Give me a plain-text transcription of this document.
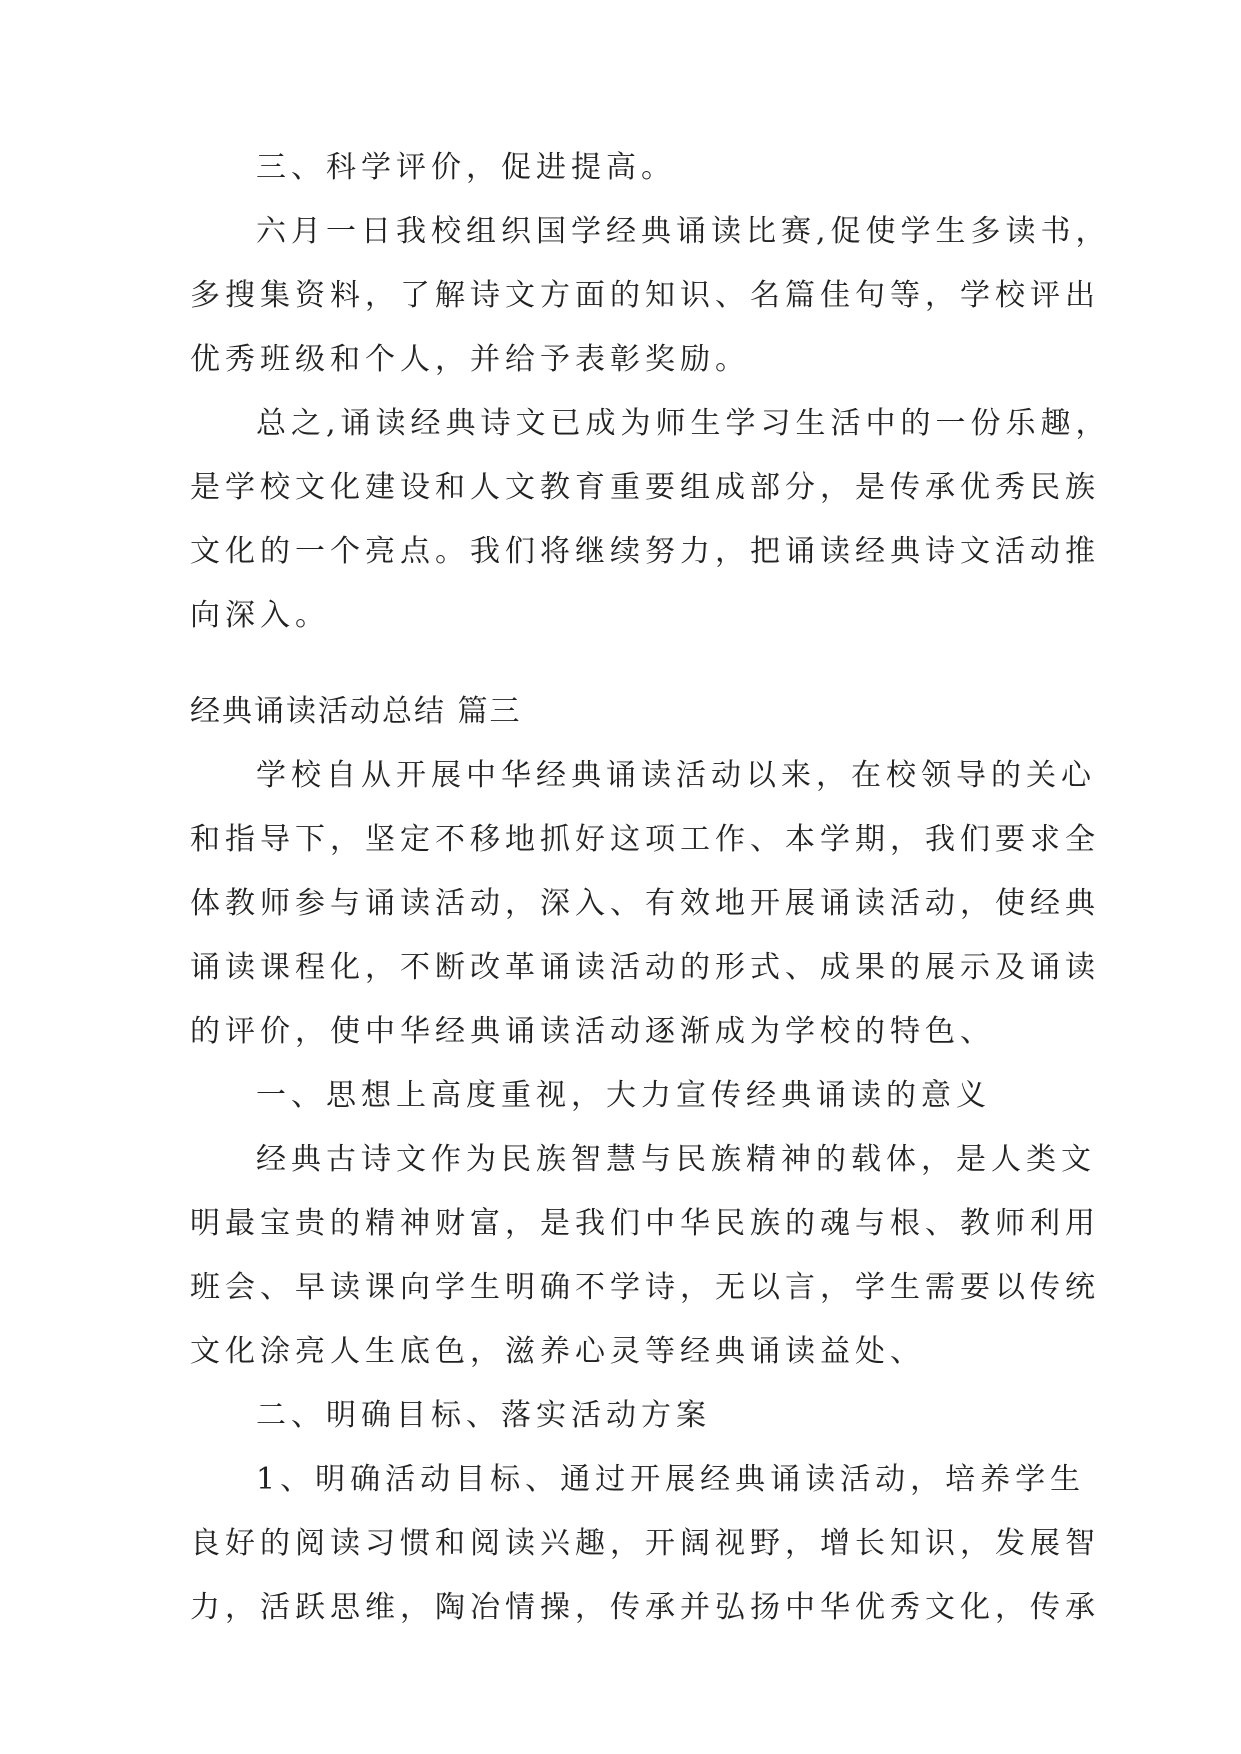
三、科学评价，促进提高。
六月一日我校组织国学经典诵读比赛,促使学生多读书，
多搜集资料，了解诗文方面的知识、名篇佳句等，学校评出
优秀班级和个人，并给予表彰奖励。
总之,诵读经典诗文已成为师生学习生活中的一份乐趣，
是学校文化建设和人文教育重要组成部分，是传承优秀民族
文化的一个亮点。我们将继续努力，把诵读经典诗文活动推
向深入。
经典诵读活动总结 篇三
学校自从开展中华经典诵读活动以来，在校领导的关心
和指导下，坚定不移地抓好这项工作、本学期，我们要求全
体教师参与诵读活动，深入、有效地开展诵读活动，使经典
诵读课程化，不断改革诵读活动的形式、成果的展示及诵读
的评价，使中华经典诵读活动逐渐成为学校的特色、
一、思想上高度重视，大力宣传经典诵读的意义
经典古诗文作为民族智慧与民族精神的载体，是人类文
明最宝贵的精神财富，是我们中华民族的魂与根、教师利用
班会、早读课向学生明确不学诗，无以言，学生需要以传统
文化涂亮人生底色，滋养心灵等经典诵读益处、
二、明确目标、落实活动方案
1、明确活动目标、通过开展经典诵读活动，培养学生
良好的阅读习惯和阅读兴趣，开阔视野，增长知识，发展智
力，活跃思维，陶冶情操，传承并弘扬中华优秀文化，传承
